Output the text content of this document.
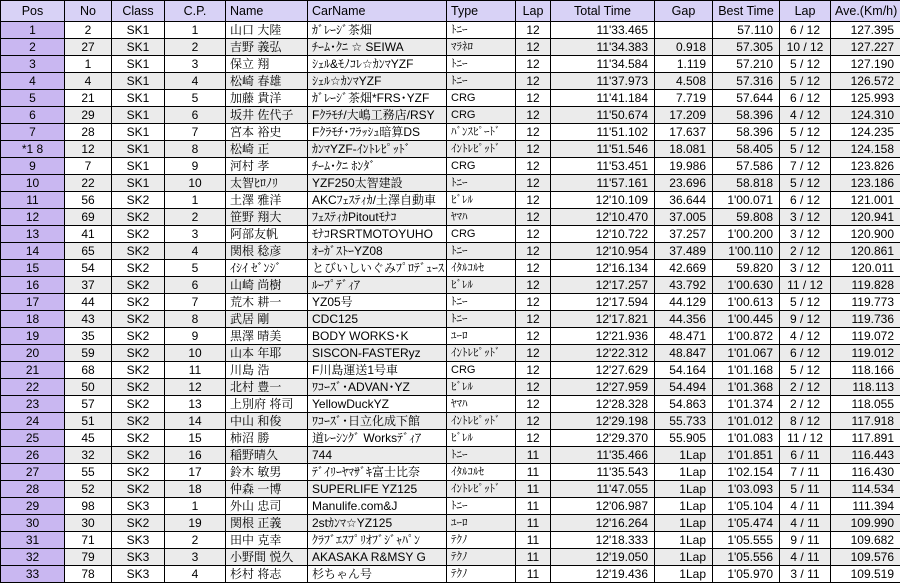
Pos	No	Class	C.P.	Name	CarName	Type	Lap	Total Time	Gap	Best Time	Lap	Ave.(Km/h)
1	2	SK1	1	山口 大陸	ｶﾞﾚｰｼﾞ茶畑	ﾄﾆｰ	12	11'33.465		57.110	6 / 12	127.395
2	27	SK1	2	吉野 義弘	ﾁｰﾑ･ｸﾆ ☆ SEIWA	ﾏﾗﾈﾛ	12	11'34.383	0.918	57.305	10 / 12	127.227
3	1	SK1	3	保立 翔	ｼｪﾙ&ﾓﾉｺﾚ☆ｶﾝﾏYZF	ﾄﾆｰ	12	11'34.584	1.119	57.210	5 / 12	127.190
4	4	SK1	4	松崎 春雄	ｼｪﾙ☆ｶﾝﾏYZF	ﾄﾆｰ	12	11'37.973	4.508	57.316	5 / 12	126.572
5	21	SK1	5	加藤 貴洋	ｶﾞﾚｰｼﾞ茶畑*FRS･YZF	CRG	12	11'41.184	7.719	57.644	6 / 12	125.993
6	29	SK1	6	坂井 佐代子	Fｸﾗﾓﾁ/大嶋工務店/RSY	CRG	12	11'50.674	17.209	58.396	4 / 12	124.310
7	28	SK1	7	宮本 裕史	Fｸﾗﾓﾁ･ﾌﾗｯｼｭ暗算DS	ﾊﾞﾝｽﾋﾟｰﾄﾞ	12	11'51.102	17.637	58.396	5 / 12	124.235
*1 8	12	SK1	8	松崎 正	ｶﾝﾏYZF-ｲﾝﾄﾚﾋﾟｯﾄﾞ	ｲﾝﾄﾚﾋﾟｯﾄﾞ	12	11'51.546	18.081	58.405	5 / 12	124.158
9	7	SK1	9	河村 孝	ﾁｰﾑ･ｸﾆ ﾎﾝﾀﾞ	CRG	12	11'53.451	19.986	57.586	7 / 12	123.826
10	22	SK1	10	太智ﾋﾛﾉﾘ	YZF250太智建設	ﾄﾆｰ	12	11'57.161	23.696	58.818	5 / 12	123.186
11	56	SK2	1	土澤 雅洋	AKCﾌｪｽﾃｨｶ/土澤自動車	ﾋﾞﾚﾙ	12	12'10.109	36.644	1'00.071	6 / 12	121.001
12	69	SK2	2	笹野 翔大	ﾌｪｽﾃｨｶPitoutﾓﾅｺ	ﾔﾏﾊ	12	12'10.470	37.005	59.808	3 / 12	120.941
13	41	SK2	3	阿部友帆	ﾓﾅｺRSRTMOTOYUHO	CRG	12	12'10.722	37.257	1'00.200	3 / 12	120.900
14	65	SK2	4	関根 稔彦	ｵｰｶﾞｽﾄｰYZ08	ﾄﾆｰ	12	12'10.954	37.489	1'00.110	2 / 12	120.861
15	54	SK2	5	ｲｼｲ ｾﾞﾝｼﾞ	とびいしいぐみﾌﾟﾛﾃﾞｭｰｽ	ｲﾀﾙｺﾙｾ	12	12'16.134	42.669	59.820	3 / 12	120.011
16	37	SK2	6	山崎 尚樹	ﾙｰﾌﾟﾃﾞｨｱ	ﾋﾞﾚﾙ	12	12'17.257	43.792	1'00.630	11 / 12	119.828
17	44	SK2	7	荒木 耕一	YZ05号	ﾄﾆｰ	12	12'17.594	44.129	1'00.613	5 / 12	119.773
18	43	SK2	8	武居 剛	CDC125	ﾄﾆｰ	12	12'17.821	44.356	1'00.445	9 / 12	119.736
19	35	SK2	9	黒澤 晴美	BODY WORKS･K	ﾕｰﾛ	12	12'21.936	48.471	1'00.872	4 / 12	119.072
20	59	SK2	10	山本 年耶	SISCON-FASTERyz	ｲﾝﾄﾚﾋﾟｯﾄﾞ	12	12'22.312	48.847	1'01.067	6 / 12	119.012
21	68	SK2	11	川島 浩	F川島運送1号車	CRG	12	12'27.629	54.164	1'01.168	5 / 12	118.166
22	50	SK2	12	北村 豊一	ﾜｺｰｽﾞ･ADVAN･YZ	ﾋﾞﾚﾙ	12	12'27.959	54.494	1'01.368	2 / 12	118.113
23	57	SK2	13	上別府 将司	YellowDuckYZ	ﾔﾏﾊ	12	12'28.328	54.863	1'01.374	2 / 12	118.055
24	51	SK2	14	中山 和俊	ﾜｺｰｽﾞ･日立化成下館	ｲﾝﾄﾚﾋﾟｯﾄﾞ	12	12'29.198	55.733	1'01.012	8 / 12	117.918
25	45	SK2	15	柿沼 勝	道ﾚｰｼﾝｸﾞ Worksﾃﾞｨｱ	ﾋﾞﾚﾙ	12	12'29.370	55.905	1'01.083	11 / 12	117.891
26	32	SK2	16	稲野晴久	744	ﾄﾆｰ	11	11'35.466	1Lap	1'01.851	6 / 11	116.443
27	55	SK2	17	鈴木 敏男	ﾃﾞｲﾘｰﾔﾏｻﾞｷ富士比奈	ｲﾀﾙｺﾙｾ	11	11'35.543	1Lap	1'02.154	7 / 11	116.430
28	52	SK2	18	仲森 一博	SUPERLIFE YZ125	ｲﾝﾄﾚﾋﾟｯﾄﾞ	11	11'47.055	1Lap	1'03.093	5 / 11	114.534
29	98	SK3	1	外山 忠司	Manulife.com&J	ﾄﾆｰ	11	12'06.987	1Lap	1'05.104	4 / 11	111.394
30	30	SK2	19	関根 正義	2stｶﾝﾏ☆YZ125	ﾕｰﾛ	11	12'16.264	1Lap	1'05.474	4 / 11	109.990
31	71	SK3	2	田中 克幸	ｸﾗﾌﾞｴｽﾌﾟﾘｵﾌﾞｼﾞｬﾊﾟﾝ	ﾃｸﾉ	11	12'18.333	1Lap	1'05.555	9 / 11	109.682
32	79	SK3	3	小野間 悦久	AKASAKA R&MSY G	ﾃｸﾉ	11	12'19.050	1Lap	1'05.556	4 / 11	109.576
33	78	SK3	4	杉村 将志	杉ちゃん号	ﾃｸﾉ	11	12'19.436	1Lap	1'05.970	3 / 11	109.519
